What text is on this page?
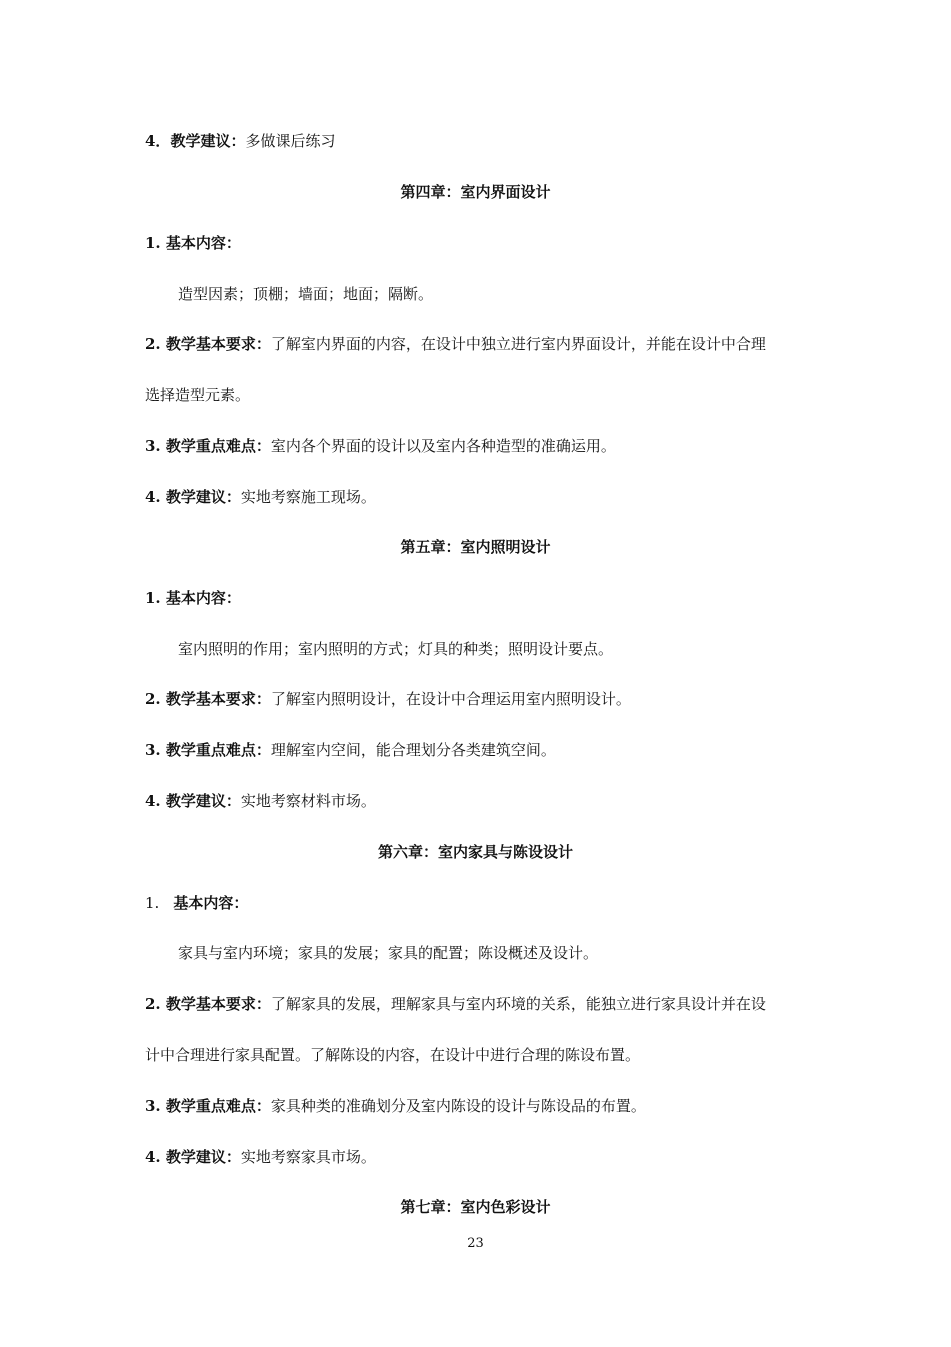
4．教学建议：多做课后练习
第四章：室内界面设计
1. 基本内容：
造型因素；顶棚；墙面；地面；隔断。
2. 教学基本要求：了解室内界面的内容，在设计中独立进行室内界面设计，并能在设计中合理
选择造型元素。
3. 教学重点难点：室内各个界面的设计以及室内各种造型的准确运用。
4. 教学建议：实地考察施工现场。
第五章：室内照明设计
1. 基本内容：
室内照明的作用；室内照明的方式；灯具的种类；照明设计要点。
2. 教学基本要求：了解室内照明设计，在设计中合理运用室内照明设计。
3. 教学重点难点：理解室内空间，能合理划分各类建筑空间。
4. 教学建议：实地考察材料市场。
第六章：室内家具与陈设设计
1. 基本内容：
家具与室内环境；家具的发展；家具的配置；陈设概述及设计。
2. 教学基本要求：了解家具的发展，理解家具与室内环境的关系，能独立进行家具设计并在设
计中合理进行家具配置。了解陈设的内容，在设计中进行合理的陈设布置。
3. 教学重点难点：家具种类的准确划分及室内陈设的设计与陈设品的布置。
4. 教学建议：实地考察家具市场。
第七章：室内色彩设计
23
